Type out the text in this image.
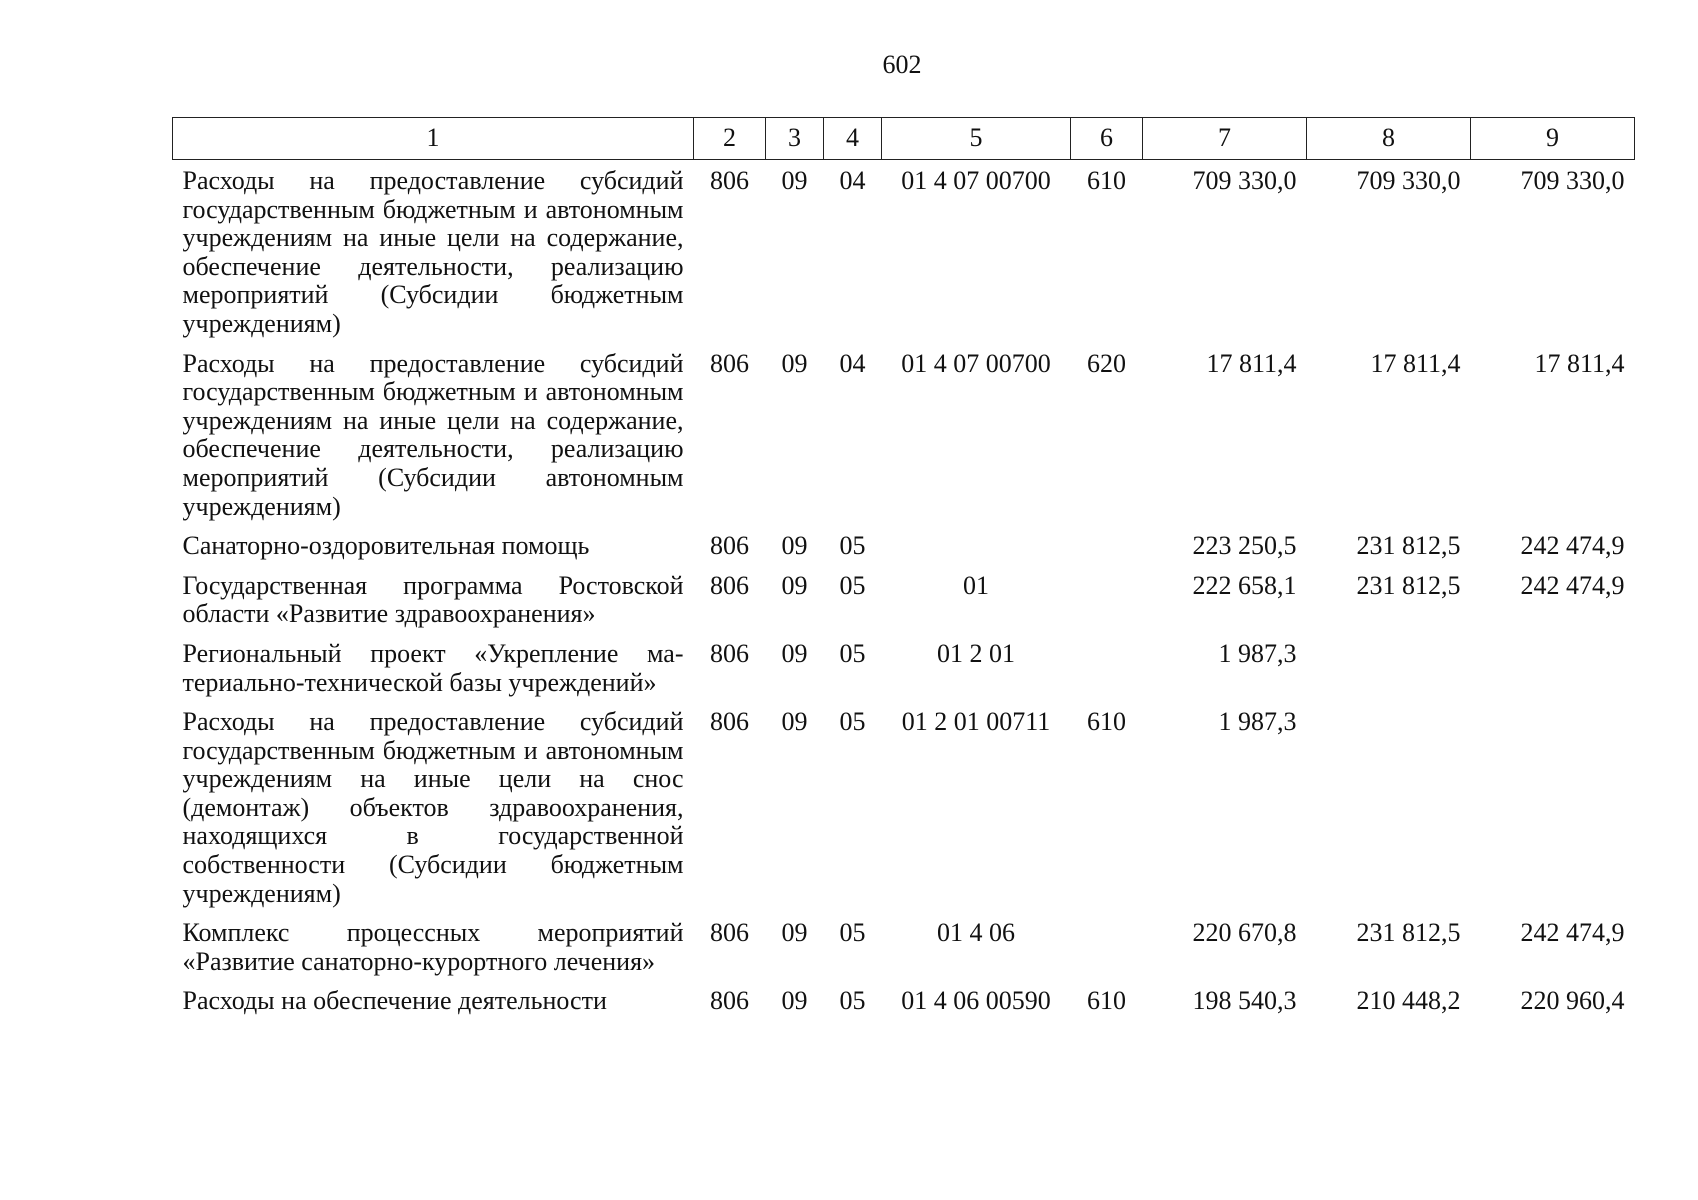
602
1	2	3	4	5	6	7	8	9
Расходы на предоставление субсидий государственным бюджетным и автономным учреждениям на иные цели на содержание, обеспечение деятельности, реализацию мероприятий (Субсидии бюджетным учреждениям)	806	09	04	01 4 07 00700	610	709 330,0	709 330,0	709 330,0
Расходы на предоставление субсидий государственным бюджетным и автономным учреждениям на иные цели на содержание, обеспечение деятельности, реализацию мероприятий (Субсидии автономным учреждениям)	806	09	04	01 4 07 00700	620	17 811,4	17 811,4	17 811,4
Санаторно-оздоровительная помощь	806	09	05			223 250,5	231 812,5	242 474,9
Государственная программа Ростовской области «Развитие здравоохранения»	806	09	05	01		222 658,1	231 812,5	242 474,9
Региональный проект «Укрепление материально-технической базы учреждений»	806	09	05	01 2 01		1 987,3		
Расходы на предоставление субсидий государственным бюджетным и автономным учреждениям на иные цели на снос (демонтаж) объектов здравоохранения, находящихся в государственной собственности (Субсидии бюджетным учреждениям)	806	09	05	01 2 01 00711	610	1 987,3		
Комплекс процессных мероприятий «Развитие санаторно-курортного лечения»	806	09	05	01 4 06		220 670,8	231 812,5	242 474,9
Расходы на обеспечение деятельности	806	09	05	01 4 06 00590	610	198 540,3	210 448,2	220 960,4
